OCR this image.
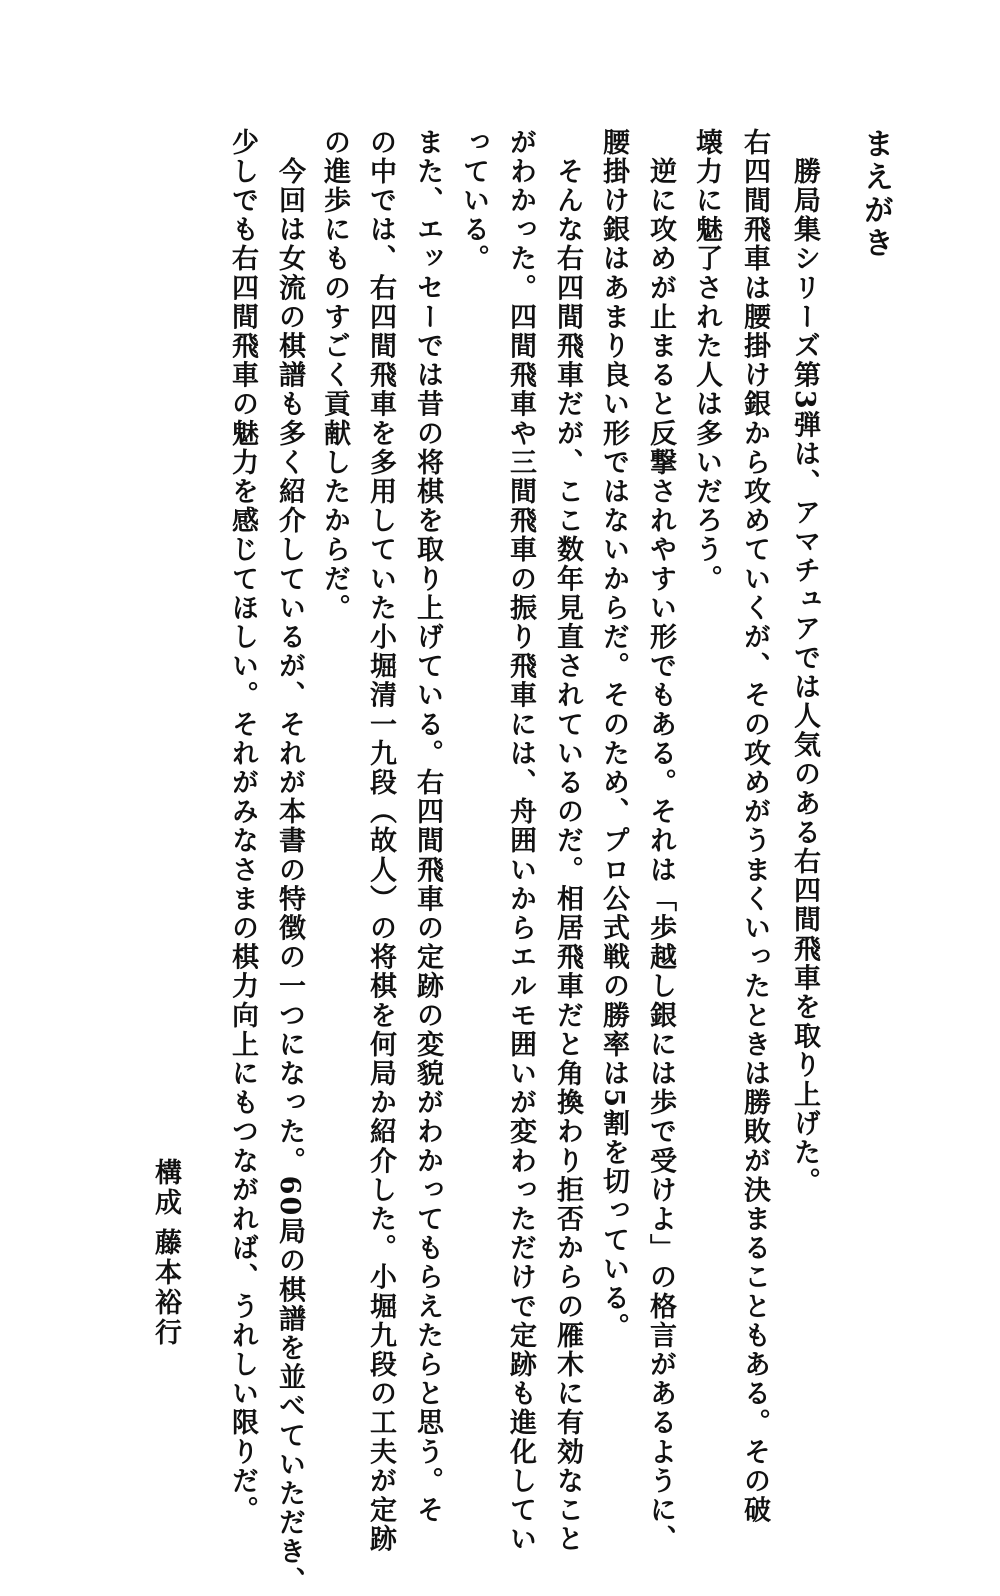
まえがき
　勝局集シリーズ第3弾は、アマチュアでは人気のある右四間飛車を取り上げた。
右四間飛車は腰掛け銀から攻めていくが、その攻めがうまくいったときは勝敗が決まることもある。その破
壊力に魅了された人は多いだろう。
　逆に攻めが止まると反撃されやすい形でもある。それは「歩越し銀には歩で受けよ」の格言があるように、
腰掛け銀はあまり良い形ではないからだ。そのため、プロ公式戦の勝率は5割を切っている。
　そんな右四間飛車だが、ここ数年見直されているのだ。相居飛車だと角換わり拒否からの雁木に有効なこと
がわかった。四間飛車や三間飛車の振り飛車には、舟囲いからエルモ囲いが変わっただけで定跡も進化してい
っている。
また、エッセーでは昔の将棋を取り上げている。右四間飛車の定跡の変貌がわかってもらえたらと思う。そ
の中では、右四間飛車を多用していた小堀清一九段（故人）の将棋を何局か紹介した。小堀九段の工夫が定跡
の進歩にものすごく貢献したからだ。
　今回は女流の棋譜も多く紹介しているが、それが本書の特徴の一つになった。60局の棋譜を並べていただき、
少しでも右四間飛車の魅力を感じてほしい。それがみなさまの棋力向上にもつながれば、うれしい限りだ。
構成
藤本裕行
